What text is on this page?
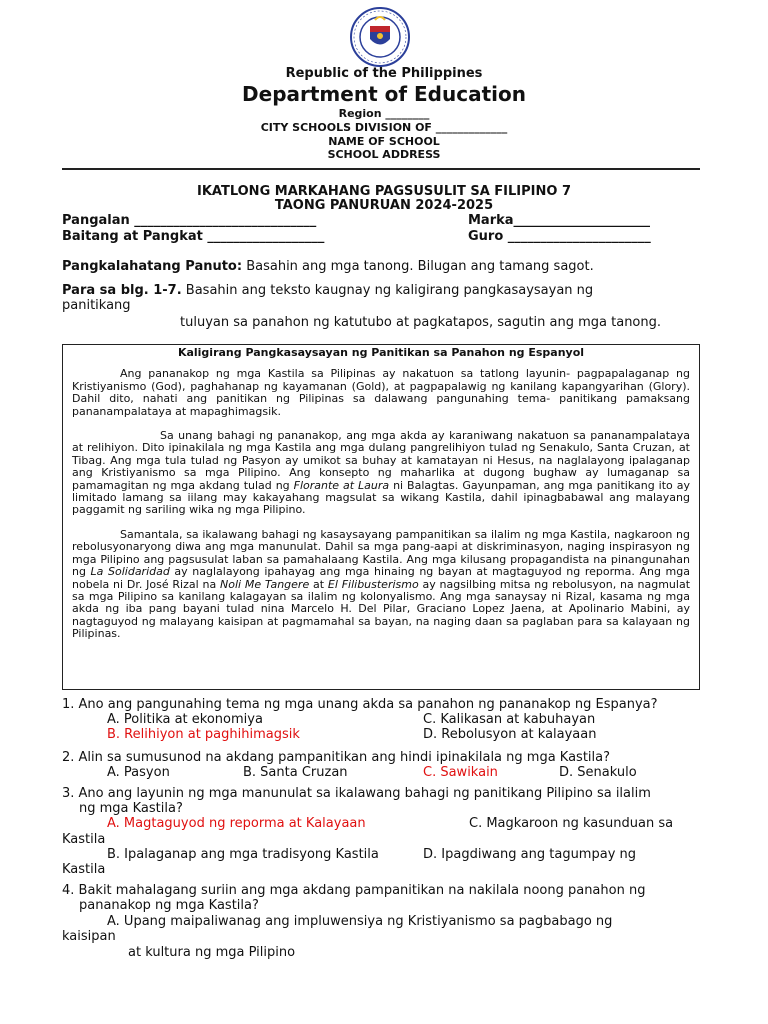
Republic of the Philippines
Department of Education
Region ________
CITY SCHOOLS DIVISION OF _____________
NAME OF SCHOOL
SCHOOL ADDRESS
IKATLONG MARKAHANG PAGSUSULIT SA FILIPINO 7
TAONG PANURUAN 2024-2025
Pangalan ____________________________	Marka_____________________
Baitang at Pangkat __________________	Guro ______________________
Pangkalahatang Panuto: Basahin ang mga tanong. Bilugan ang tamang sagot.
Para sa blg. 1-7. Basahin ang teksto kaugnay ng kaligirang pangkasaysayan ng
panitikang
tuluyan sa panahon ng katutubo at pagkatapos, sagutin ang mga tanong.
Kaligirang Pangkasaysayan ng Panitikan sa Panahon ng Espanyol

Ang pananakop ng mga Kastila sa Pilipinas ay nakatuon sa tatlong layunin- pagpapalaganap ng Kristiyanismo (God), paghahanap ng kayamanan (Gold), at pagpapalawig ng kanilang kapangyarihan (Glory). Dahil dito, nahati ang panitikan ng Pilipinas sa dalawang pangunahing tema- panitikang pamaksang pananampalataya at mapaghimagsik.

Sa unang bahagi ng pananakop, ang mga akda ay karaniwang nakatuon sa pananampalataya at relihiyon. Dito ipinakilala ng mga Kastila ang mga dulang pangrelihiyon tulad ng Senakulo, Santa Cruzan, at Tibag. Ang mga tula tulad ng Pasyon ay umikot sa buhay at kamatayan ni Hesus, na naglalayong ipalaganap ang Kristiyanismo sa mga Pilipino. Ang konsepto ng maharlika at dugong bughaw ay lumaganap sa pamamagitan ng mga akdang tulad ng Florante at Laura ni Balagtas. Gayunpaman, ang mga panitikang ito ay limitado lamang sa iilang may kakayahang magsulat sa wikang Kastila, dahil ipinagbabawal ang malayang paggamit ng sariling wika ng mga Pilipino.

Samantala, sa ikalawang bahagi ng kasaysayang pampanitikan sa ilalim ng mga Kastila, nagkaroon ng rebolusyonaryong diwa ang mga manunulat. Dahil sa mga pang-aapi at diskriminasyon, naging inspirasyon ng mga Pilipino ang pagsusulat laban sa pamahalaang Kastila. Ang mga kilusang propagandista na pinangunahan ng La Solidaridad ay naglalayong ipahayag ang mga hinaing ng bayan at magtaguyod ng reporma. Ang mga nobela ni Dr. José Rizal na Noli Me Tangere at El Filibusterismo ay nagsilbing mitsa ng rebolusyon, na nagmulat sa mga Pilipino sa kanilang kalagayan sa ilalim ng kolonyalismo. Ang mga sanaysay ni Rizal, kasama ng mga akda ng iba pang bayani tulad nina Marcelo H. Del Pilar, Graciano Lopez Jaena, at Apolinario Mabini, ay nagtaguyod ng malayang kaisipan at pagmamahal sa bayan, na naging daan sa paglaban para sa kalayaan ng Pilipinas.

1. Ano ang pangunahing tema ng mga unang akda sa panahon ng pananakop ng Espanya?
A. Politika at ekonomiya	C. Kalikasan at kabuhayan
B. Relihiyon at paghihimagsik	D. Rebolusyon at kalayaan
2. Alin sa sumusunod na akdang pampanitikan ang hindi ipinakilala ng mga Kastila?
A. Pasyon	B. Santa Cruzan	C. Sawikain	D. Senakulo
3. Ano ang layunin ng mga manunulat sa ikalawang bahagi ng panitikang Pilipino sa ilalim
ng mga Kastila?
A. Magtaguyod ng reporma at Kalayaan	C. Magkaroon ng kasunduan sa
Kastila
B. Ipalaganap ang mga tradisyong Kastila	D. Ipagdiwang ang tagumpay ng
Kastila
4. Bakit mahalagang suriin ang mga akdang pampanitikan na nakilala noong panahon ng
pananakop ng mga Kastila?
A. Upang maipaliwanag ang impluwensiya ng Kristiyanismo sa pagbabago ng
kaisipan
at kultura ng mga Pilipino
